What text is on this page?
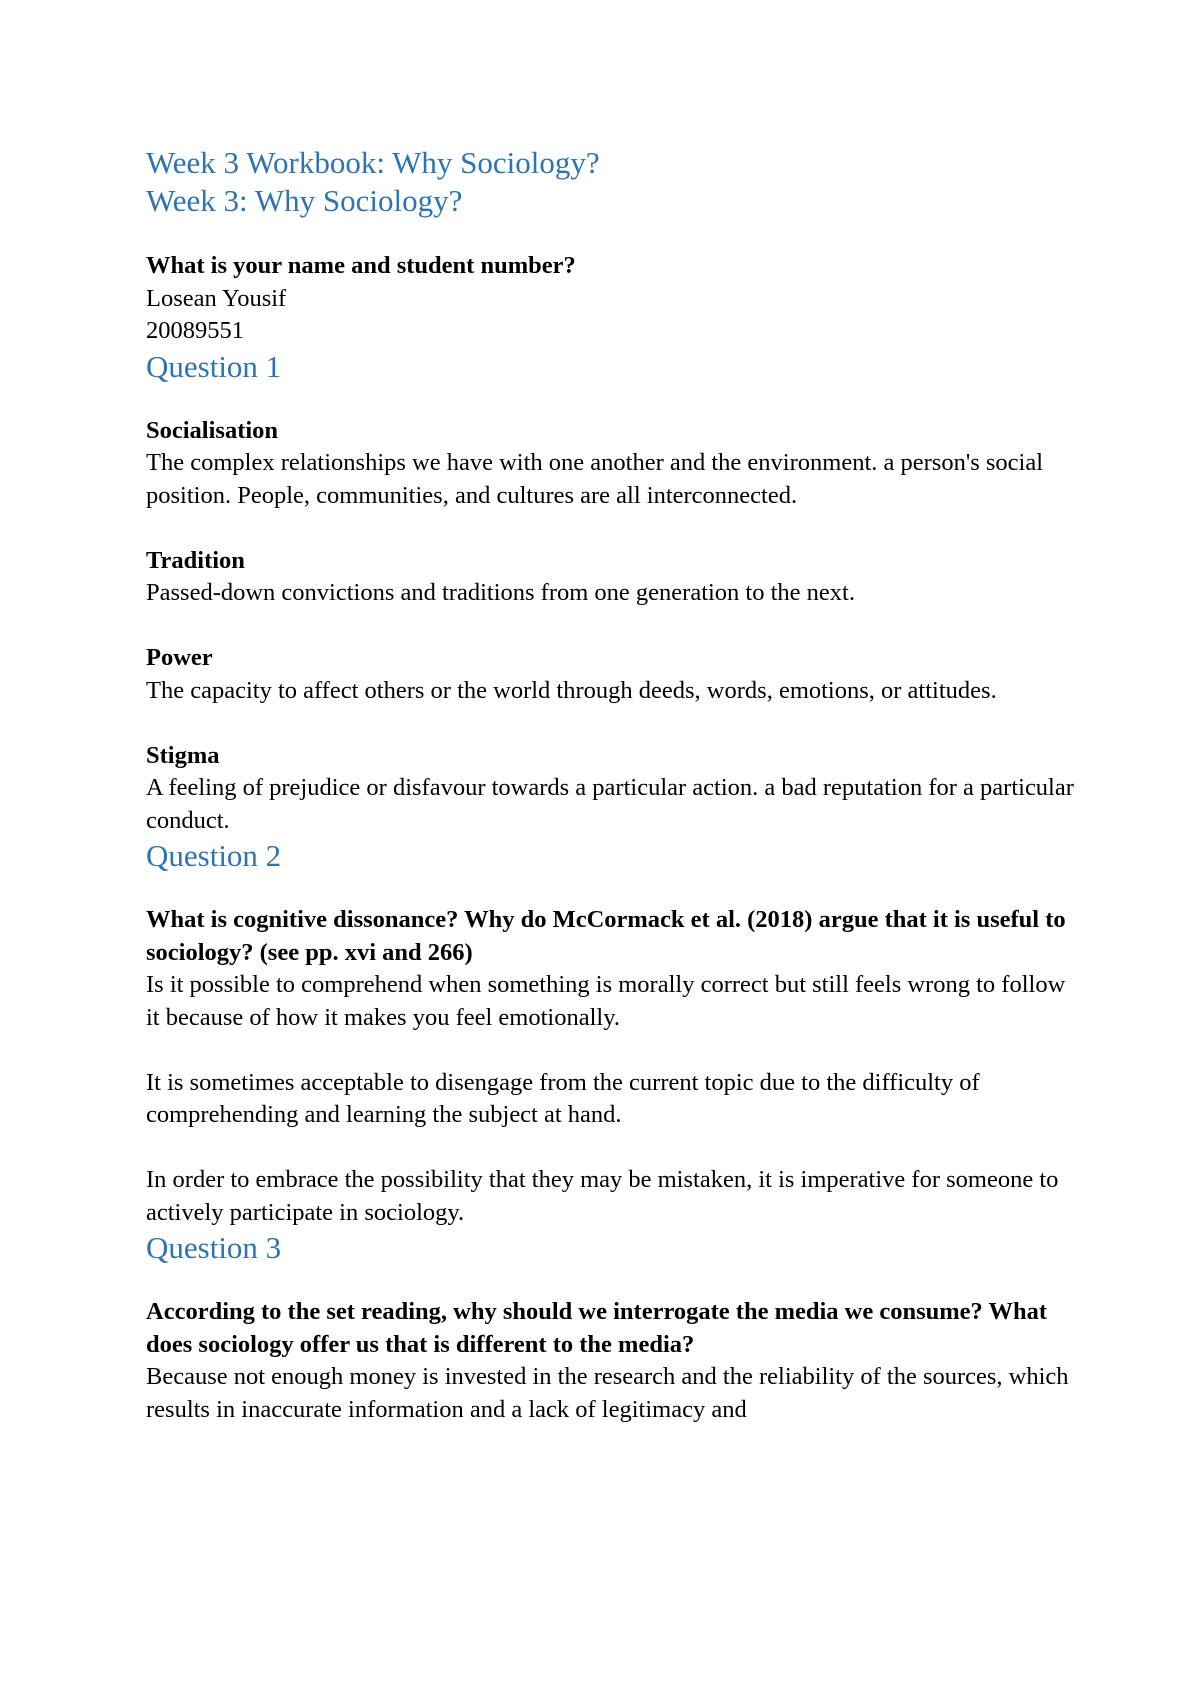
Week 3 Workbook: Why Sociology?
Week 3: Why Sociology?

What is your name and student number?

Losean Yousif

20089551

Question 1

Socialisation

The complex relationships we have with one another and the environment. a person's social position. People, communities, and cultures are all interconnected.

Tradition

Passed-down convictions and traditions from one generation to the next.

Power

The capacity to affect others or the world through deeds, words, emotions, or attitudes.

Stigma

A feeling of prejudice or disfavour towards a particular action. a bad reputation for a particular conduct.

Question 2

What is cognitive dissonance? Why do McCormack et al. (2018) argue that it is useful to sociology? (see pp. xvi and 266)

Is it possible to comprehend when something is morally correct but still feels wrong to follow it because of how it makes you feel emotionally.

It is sometimes acceptable to disengage from the current topic due to the difficulty of comprehending and learning the subject at hand.

In order to embrace the possibility that they may be mistaken, it is imperative for someone to actively participate in sociology.

Question 3

According to the set reading, why should we interrogate the media we consume? What does sociology offer us that is different to the media?

Because not enough money is invested in the research and the reliability of the sources, which results in inaccurate information and a lack of legitimacy and
